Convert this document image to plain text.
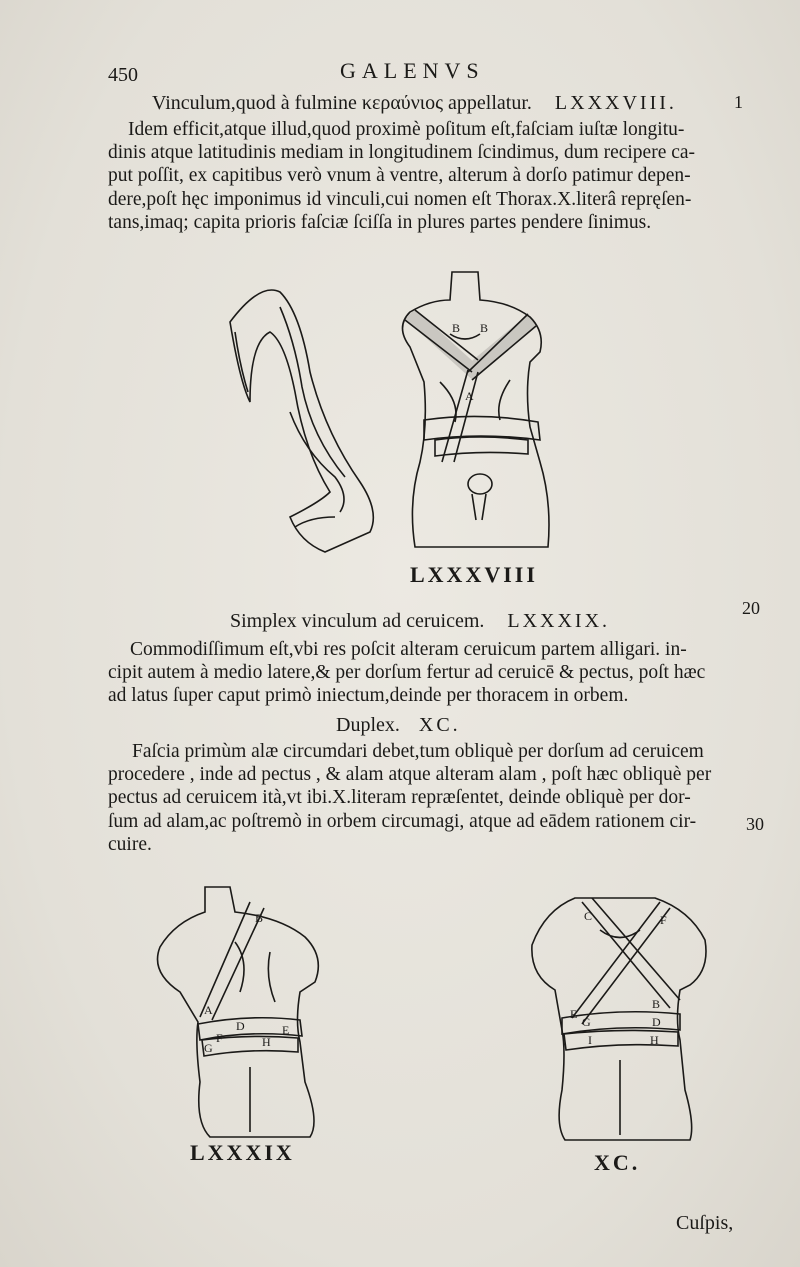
450	GALENVS
1
20
30
Vinculum,quod à fulmine κεραύνιος appellatur. LXXXVIII.
Idem efficit,atque illud,quod proximè poſitum eſt,faſciam iuſtæ longitu-
dinis atque latitudinis mediam in longitudinem ſcindimus, dum recipere ca-
put poſſit, ex capitibus verò vnum à ventre, alterum à dorſo patimur depen-
dere,poſt hęc imponimus id vinculi,cui nomen eſt Thorax.X.literâ repręſen-
tans,imaq; capita prioris faſciæ ſciſſa in plures partes pendere ſinimus.
B B
A
LXXXVIII
Simplex vinculum ad ceruicem. LXXXIX.
Commodiſſimum eſt,vbi res poſcit alteram ceruicum partem alligari. in-
cipit autem à medio latere,& per dorſum fertur ad ceruicē & pectus, poſt hæc
ad latus ſuper caput primò iniectum,deinde per thoracem in orbem.
Duplex. XC.
Faſcia primùm alæ circumdari debet,tum obliquè per dorſum ad ceruicem
procedere , inde ad pectus , & alam atque alteram alam , poſt hæc obliquè per
pectus ad ceruicem ità,vt ibi.X.literam repræſentet, deinde obliquè per dor-
ſum ad alam,ac poſtremò in orbem circumagi, atque ad eādem rationem cir-
cuire.
B
A
D	E
F
G	H
LXXXIX
C	F
B
E
G	D
I	H
XC.
Cuſpis,
